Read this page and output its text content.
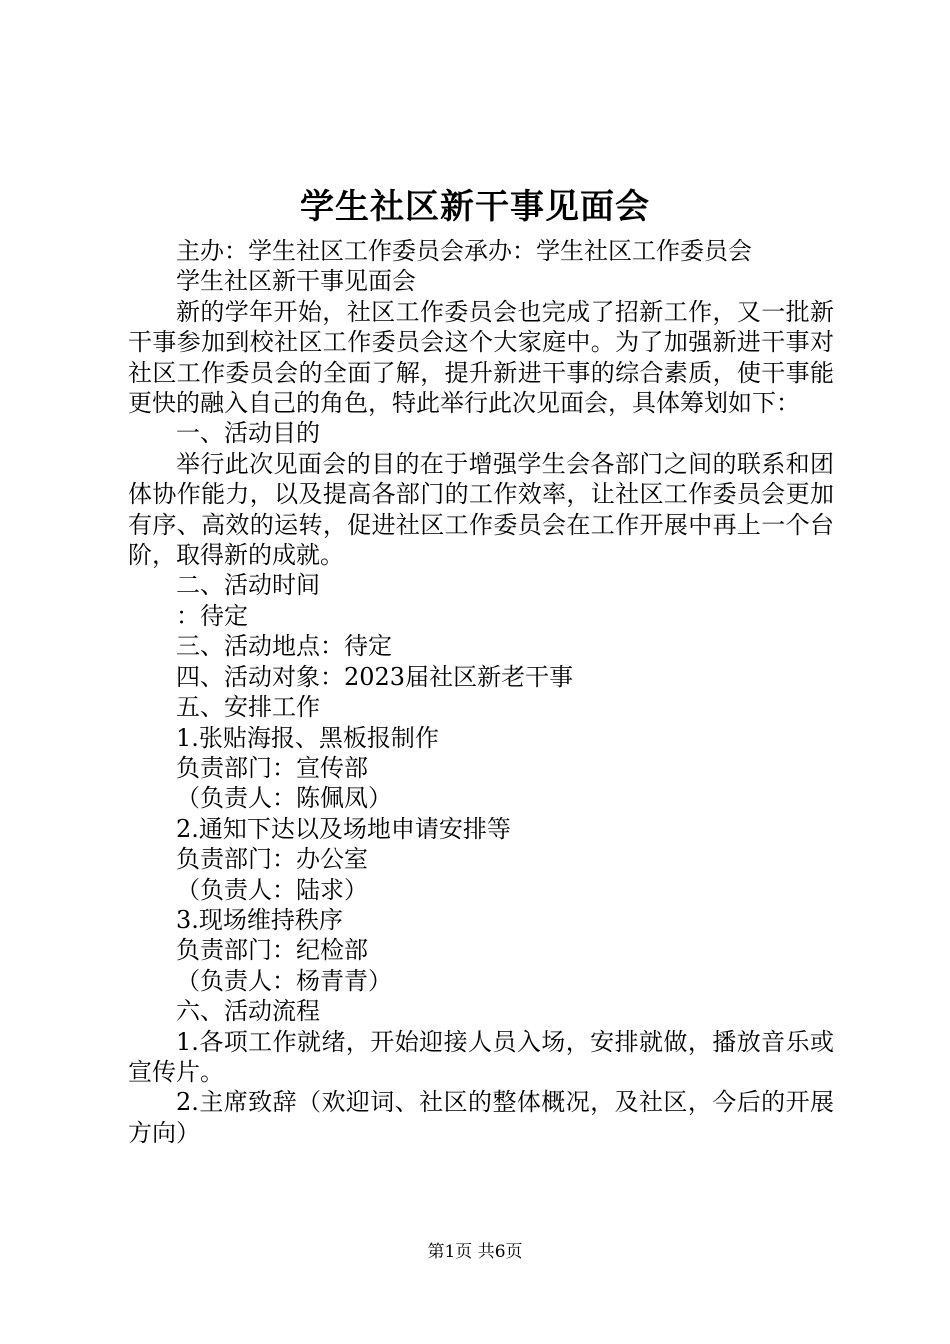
学生社区新干事见面会

主办：学生社区工作委员会承办：学生社区工作委员会

学生社区新干事见面会

新的学年开始，社区工作委员会也完成了招新工作，又一批新干事参加到校社区工作委员会这个大家庭中。为了加强新进干事对社区工作委员会的全面了解，提升新进干事的综合素质，使干事能更快的融入自己的角色，特此举行此次见面会，具体筹划如下：

一、活动目的

举行此次见面会的目的在于增强学生会各部门之间的联系和团体协作能力，以及提高各部门的工作效率，让社区工作委员会更加有序、高效的运转，促进社区工作委员会在工作开展中再上一个台阶，取得新的成就。

二、活动时间

：待定

三、活动地点：待定

四、活动对象：2023届社区新老干事

五、安排工作

1.张贴海报、黑板报制作

负责部门：宣传部

（负责人：陈佩凤）

2.通知下达以及场地申请安排等

负责部门：办公室

（负责人：陆求）

3.现场维持秩序

负责部门：纪检部

（负责人：杨青青）

六、活动流程

1.各项工作就绪，开始迎接人员入场，安排就做，播放音乐或宣传片。

2.主席致辞（欢迎词、社区的整体概况，及社区，今后的开展方向）

第1页 共6页
